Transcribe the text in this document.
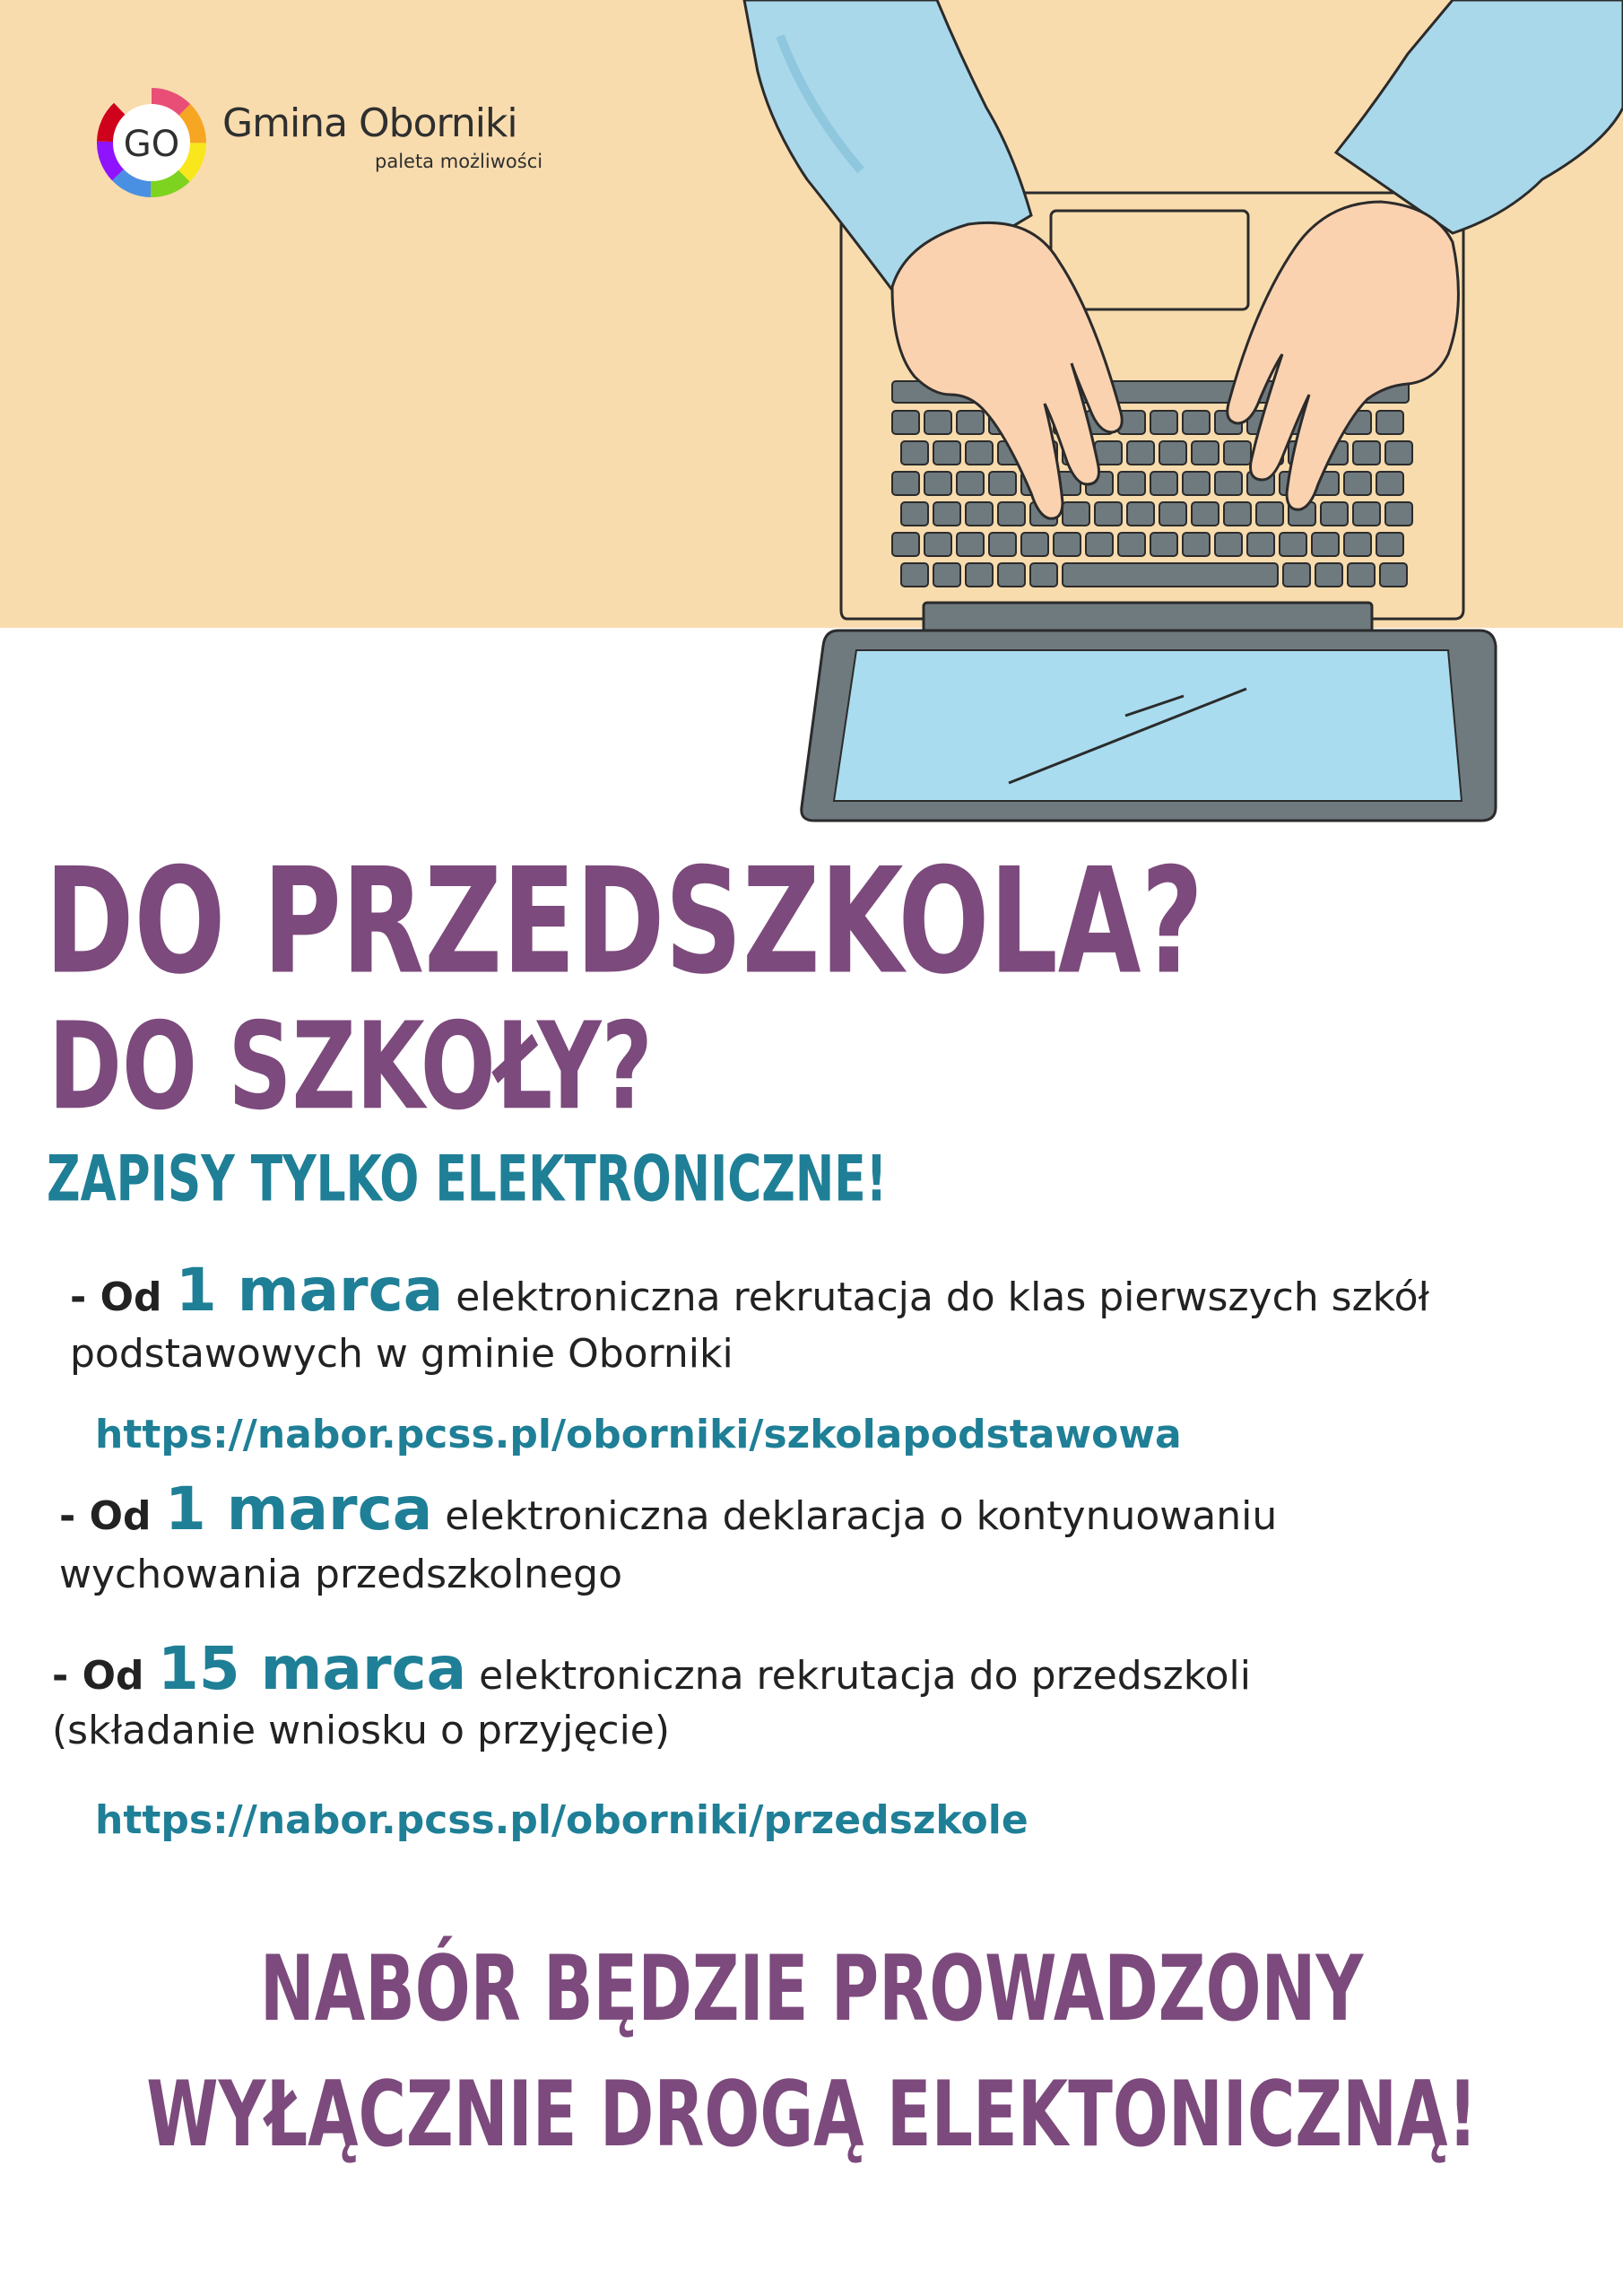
GO Gmina Oborniki
paleta możliwości
DO PRZEDSZKOLA?
DO SZKOŁY?
ZAPISY TYLKO ELEKTRONICZNE!
- Od 1 marca elektroniczna rekrutacja do klas pierwszych szkół
podstawowych w gminie Oborniki
https://nabor.pcss.pl/oborniki/szkolapodstawowa
- Od 1 marca elektroniczna deklaracja o kontynuowaniu
wychowania przedszkolnego
- Od 15 marca elektroniczna rekrutacja do przedszkoli
(składanie wniosku o przyjęcie)
https://nabor.pcss.pl/oborniki/przedszkole
NABÓR BĘDZIE PROWADZONY
WYŁĄCZNIE DROGĄ ELEKTONICZNĄ!
